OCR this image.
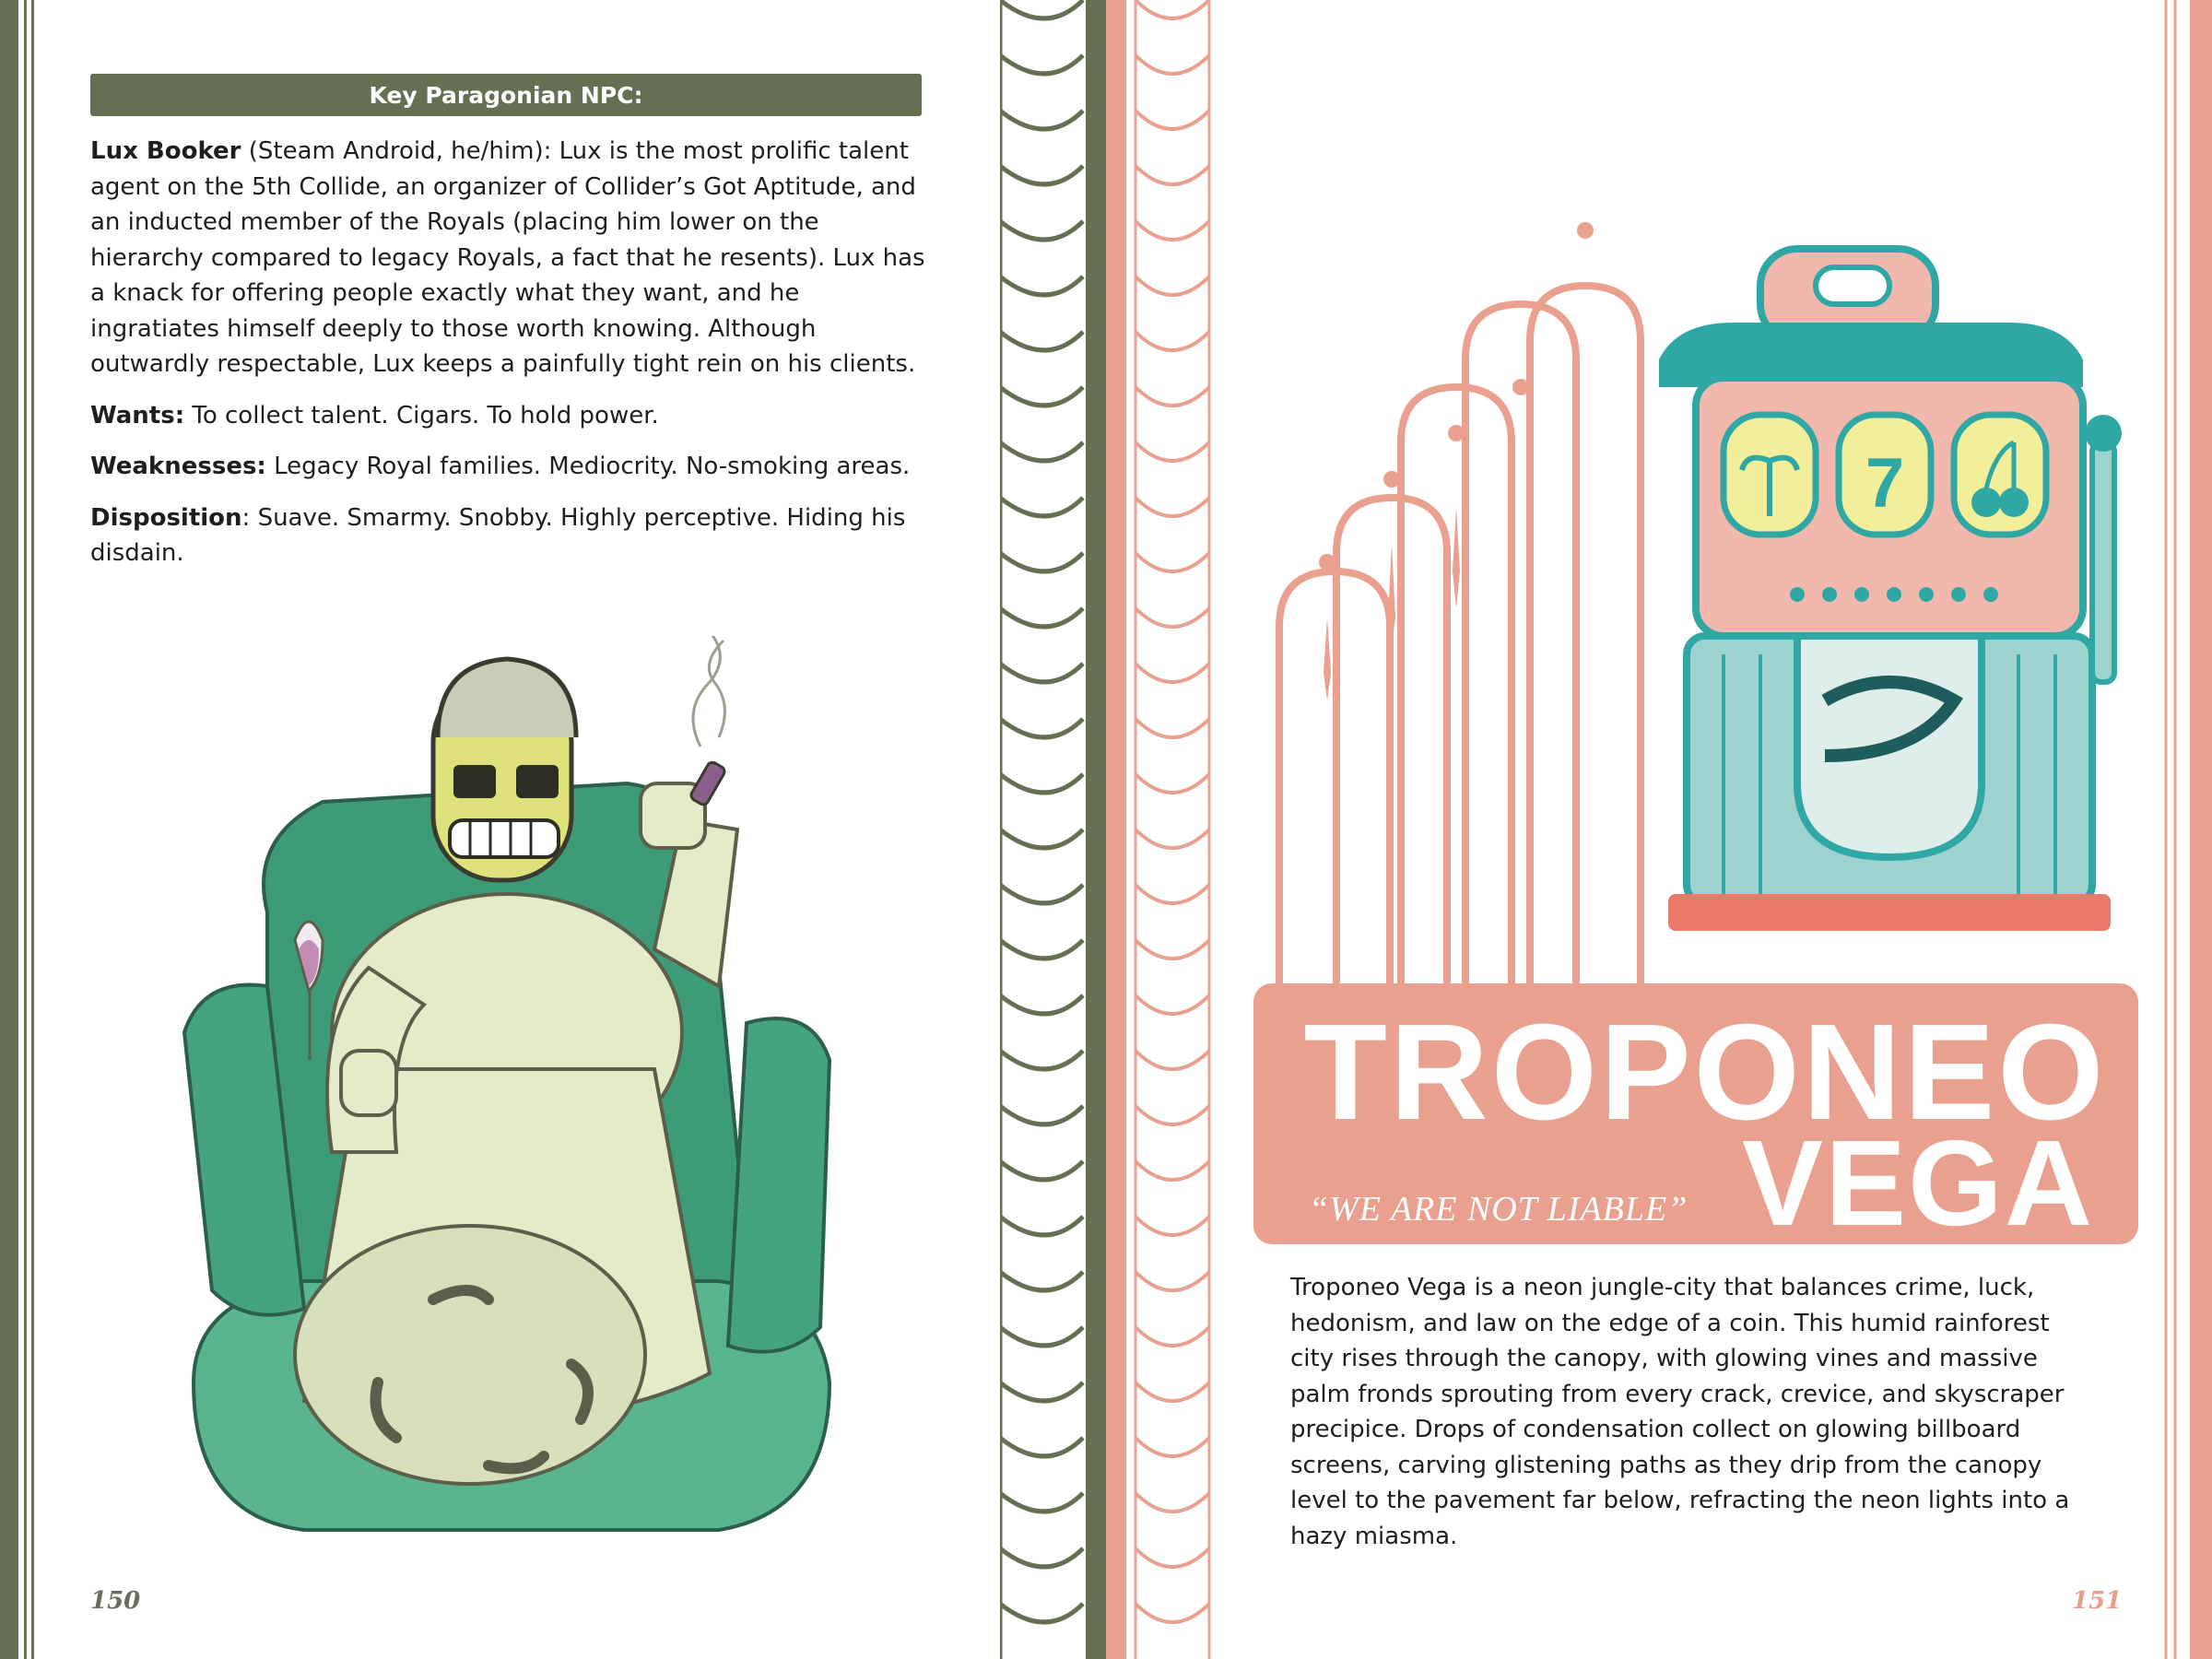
Key Paragonian NPC:

Lux Booker (Steam Android, he/him): Lux is the most prolific talent agent on the 5th Collide, an organizer of Collider’s Got Aptitude, and an inducted member of the Royals (placing him lower on the hierarchy compared to legacy Royals, a fact that he resents). Lux has a knack for offering people exactly what they want, and he ingratiates himself deeply to those worth knowing. Although outwardly respectable, Lux keeps a painfully tight rein on his clients.

Wants: To collect talent. Cigars. To hold power.

Weaknesses: Legacy Royal families. Mediocrity. No-smoking areas.

Disposition: Suave. Smarmy. Snobby. Highly perceptive. Hiding his disdain.

150
7
TROPONEO
VEGA
“WE ARE NOT LIABLE”
Troponeo Vega is a neon jungle-city that balances crime, luck, hedonism, and law on the edge of a coin. This humid rainforest city rises through the canopy, with glowing vines and massive palm fronds sprouting from every crack, crevice, and skyscraper precipice. Drops of condensation collect on glowing billboard screens, carving glistening paths as they drip from the canopy level to the pavement far below, refracting the neon lights into a hazy miasma.
151
